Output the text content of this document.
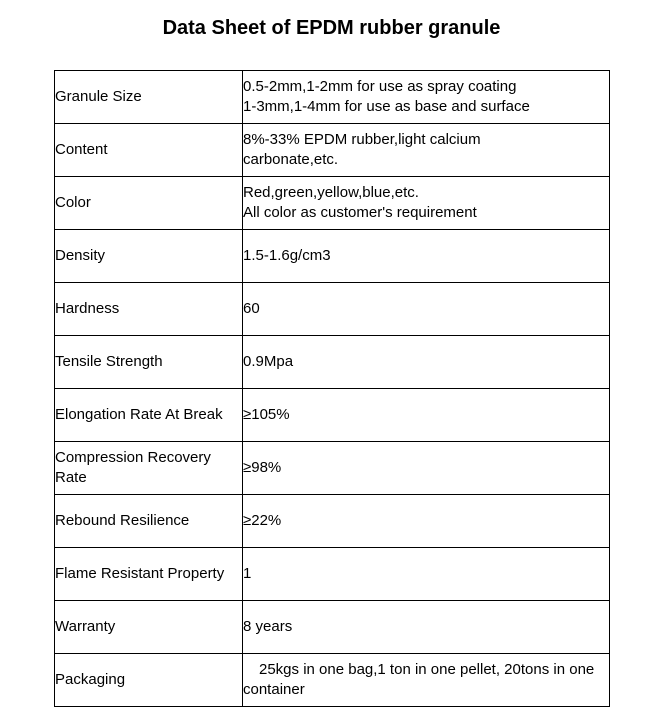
Data Sheet of EPDM rubber granule
Granule Size	0.5-2mm,1-2mm for use as spray coating
1-3mm,1-4mm for use as base and surface

Content	8%-33% EPDM rubber,light calcium
carbonate,etc.

Color	Red,green,yellow,blue,etc.
All color as customer's requirement

Density	1.5-1.6g/cm3

Hardness	60

Tensile Strength	0.9Mpa

Elongation Rate At Break	≥105%

Compression Recovery Rate	≥98%

Rebound Resilience	≥22%

Flame Resistant Property	1

Warranty	8 years

Packaging	25kgs in one bag,1 ton in one pellet, 20tons in one container
